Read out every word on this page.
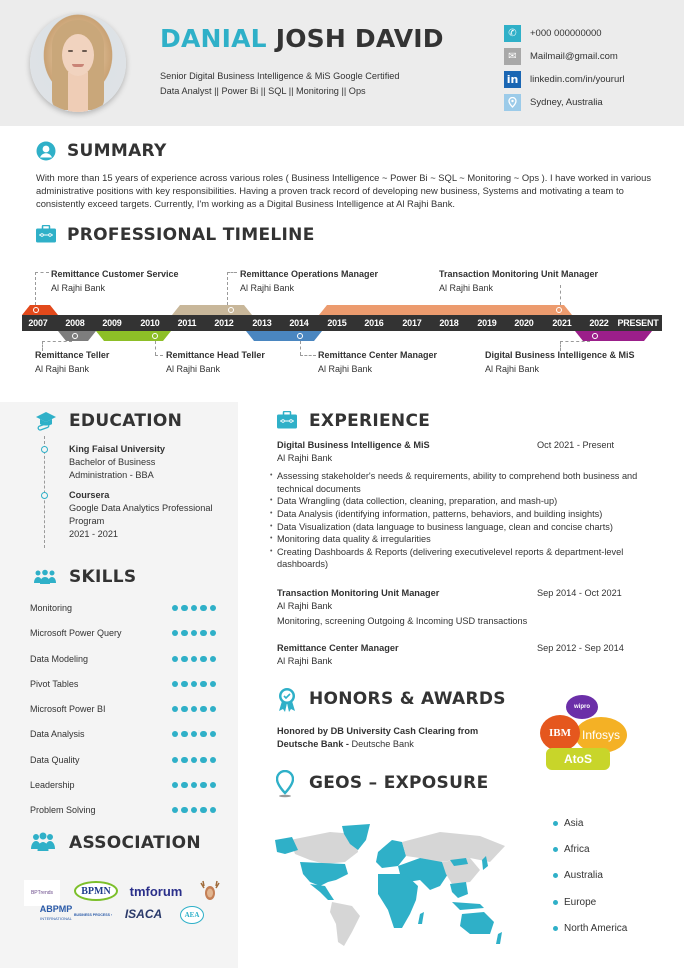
DANIAL JOSH DAVID
Senior Digital Business Intelligence & MiS Google Certified
Data Analyst || Power Bi || SQL || Monitoring || Ops
✆	+000 000000000
✉	Mailmail@gmail.com
in linkedin.com/in/yoururl
Sydney, Australia
SUMMARY
With more than 15 years of experience across various roles ( Business Intelligence ~ Power Bi ~ SQL ~ Monitoring ~ Ops ). I have worked in various administrative positions with key responsibilities. Having a proven track record of developing new business, Systems and motivating a team to consistently exceed targets. Currently, I'm working as a Digital Business Intelligence at Al Rajhi Bank.
PROFESSIONAL TIMELINE
2007	2008	2009	2010	2011	2012	2013	2014	2015	2016	2017	2018	2019	2020	2021	2022 PRESENT
Remittance Customer Service
Al Rajhi Bank
Remittance Operations Manager
Al Rajhi Bank
Transaction Monitoring Unit Manager
Al Rajhi Bank
Remittance Teller
Al Rajhi Bank
Remittance Head Teller
Al Rajhi Bank
Remittance Center Manager
Al Rajhi Bank
Digital Business Intelligence & MiS
Al Rajhi Bank
EDUCATION
King Faisal University
Bachelor of Business
Administration - BBA
Coursera
Google Data Analytics Professional
Program
2021 - 2021
SKILLS
Monitoring
Microsoft Power Query
Data Modeling
Pivot Tables
Microsoft Power BI
Data Analysis
Data Quality
Leadership
Problem Solving
ASSOCIATION
BPTrends	BPMN	tmforum
ABPMP
INTERNATIONAL
BUSINESS PROCESS ›	ISACA	AEA
EXPERIENCE
Digital Business Intelligence & MiS	Oct 2021 - Present
Al Rajhi Bank
• Assessing stakeholder's needs & requirements, ability to comprehend both business and technical documents
• Data Wrangling (data collection, cleaning, preparation, and mash-up)
• Data Analysis (identifying information, patterns, behaviors, and building insights)
• Data Visualization (data language to business language, clean and concise charts)
• Monitoring data quality & irregularities
• Creating Dashboards & Reports (delivering executivelevel reports & department-level dashboards)
Transaction Monitoring Unit Manager	Sep 2014 - Oct 2021
Al Rajhi Bank
Monitoring, screening Outgoing & Incoming USD transactions
Remittance Center Manager	Sep 2012 - Sep 2014
Al Rajhi Bank
HONORS & AWARDS
Honored by DB University Cash Clearing from Deutsche Bank - Deutsche Bank
wipro
Infosys
IBM
AtoS
GEOS – EXPOSURE
Asia
Africa
Australia
Europe
North America
